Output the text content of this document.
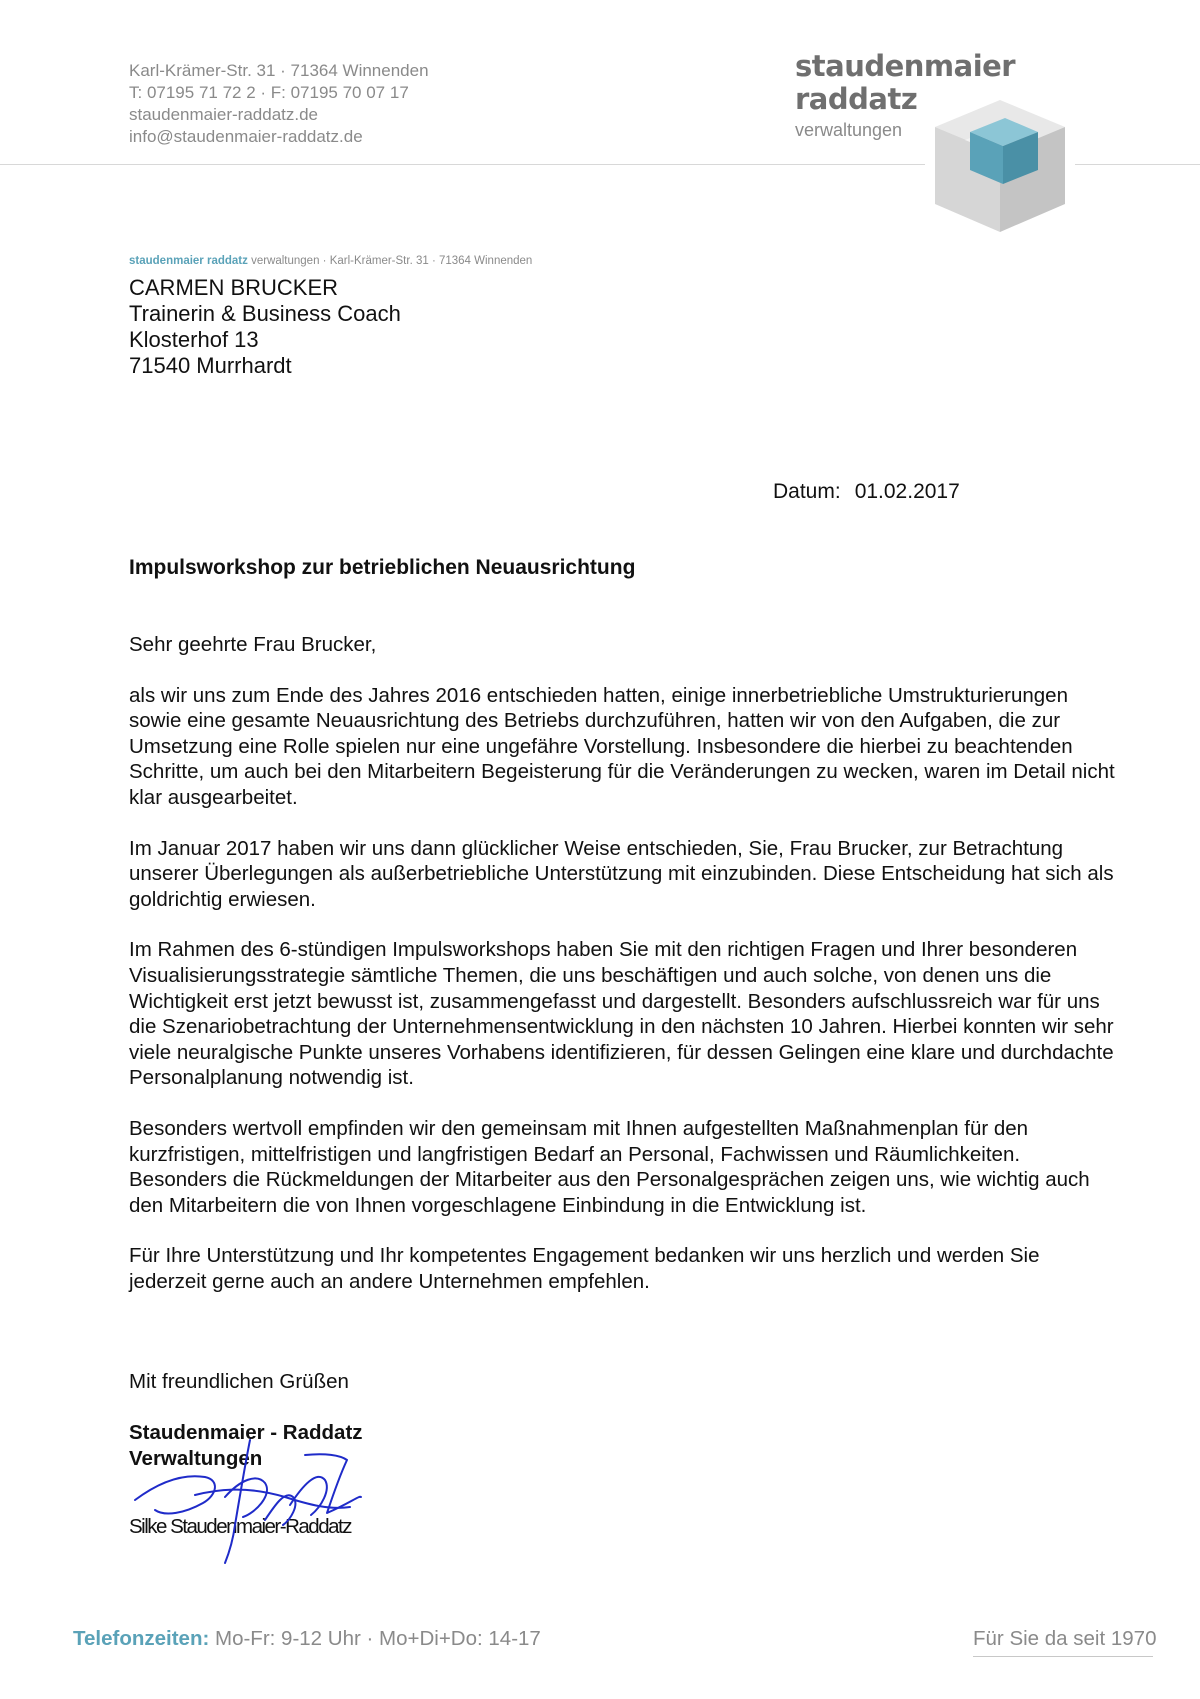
Karl-Krämer-Str. 31 · 71364 Winnenden
T: 07195 71 72 2 · F: 07195 70 07 17
staudenmaier-raddatz.de
info@staudenmaier-raddatz.de
staudenmaier
raddatz
verwaltungen
staudenmaier raddatz verwaltungen · Karl-Krämer-Str. 31 · 71364 Winnenden
CARMEN BRUCKER
Trainerin & Business Coach
Klosterhof 13
71540 Murrhardt
Datum: 01.02.2017
Impulsworkshop zur betrieblichen Neuausrichtung

Sehr geehrte Frau Brucker,

als wir uns zum Ende des Jahres 2016 entschieden hatten, einige innerbetriebliche Umstrukturierungen sowie eine gesamte Neuausrichtung des Betriebs durchzuführen, hatten wir von den Aufgaben, die zur Umsetzung eine Rolle spielen nur eine ungefähre Vorstellung. Insbesondere die hierbei zu beachtenden Schritte, um auch bei den Mitarbeitern Begeisterung für die Veränderungen zu wecken, waren im Detail nicht klar ausgearbeitet.

Im Januar 2017 haben wir uns dann glücklicher Weise entschieden, Sie, Frau Brucker, zur Betrachtung unserer Überlegungen als außerbetriebliche Unterstützung mit einzubinden. Diese Entscheidung hat sich als goldrichtig erwiesen.

Im Rahmen des 6-stündigen Impulsworkshops haben Sie mit den richtigen Fragen und Ihrer besonderen Visualisierungsstrategie sämtliche Themen, die uns beschäftigen und auch solche, von denen uns die Wichtigkeit erst jetzt bewusst ist, zusammengefasst und dargestellt. Besonders aufschlussreich war für uns die Szenariobetrachtung der Unternehmensentwicklung in den nächsten 10 Jahren. Hierbei konnten wir sehr viele neuralgische Punkte unseres Vorhabens identifizieren, für dessen Gelingen eine klare und durchdachte Personalplanung notwendig ist.

Besonders wertvoll empfinden wir den gemeinsam mit Ihnen aufgestellten Maßnahmenplan für den kurzfristigen, mittelfristigen und langfristigen Bedarf an Personal, Fachwissen und Räumlichkeiten. Besonders die Rückmeldungen der Mitarbeiter aus den Personalgesprächen zeigen uns, wie wichtig auch den Mitarbeitern die von Ihnen vorgeschlagene Einbindung in die Entwicklung ist.

Für Ihre Unterstützung und Ihr kompetentes Engagement bedanken wir uns herzlich und werden Sie jederzeit gerne auch an andere Unternehmen empfehlen.

Mit freundlichen Grüßen
Staudenmaier - Raddatz
Verwaltungen
Silke Staudenmaier-Raddatz
Telefonzeiten: Mo-Fr: 9-12 Uhr · Mo+Di+Do: 14-17	Für Sie da seit 1970
